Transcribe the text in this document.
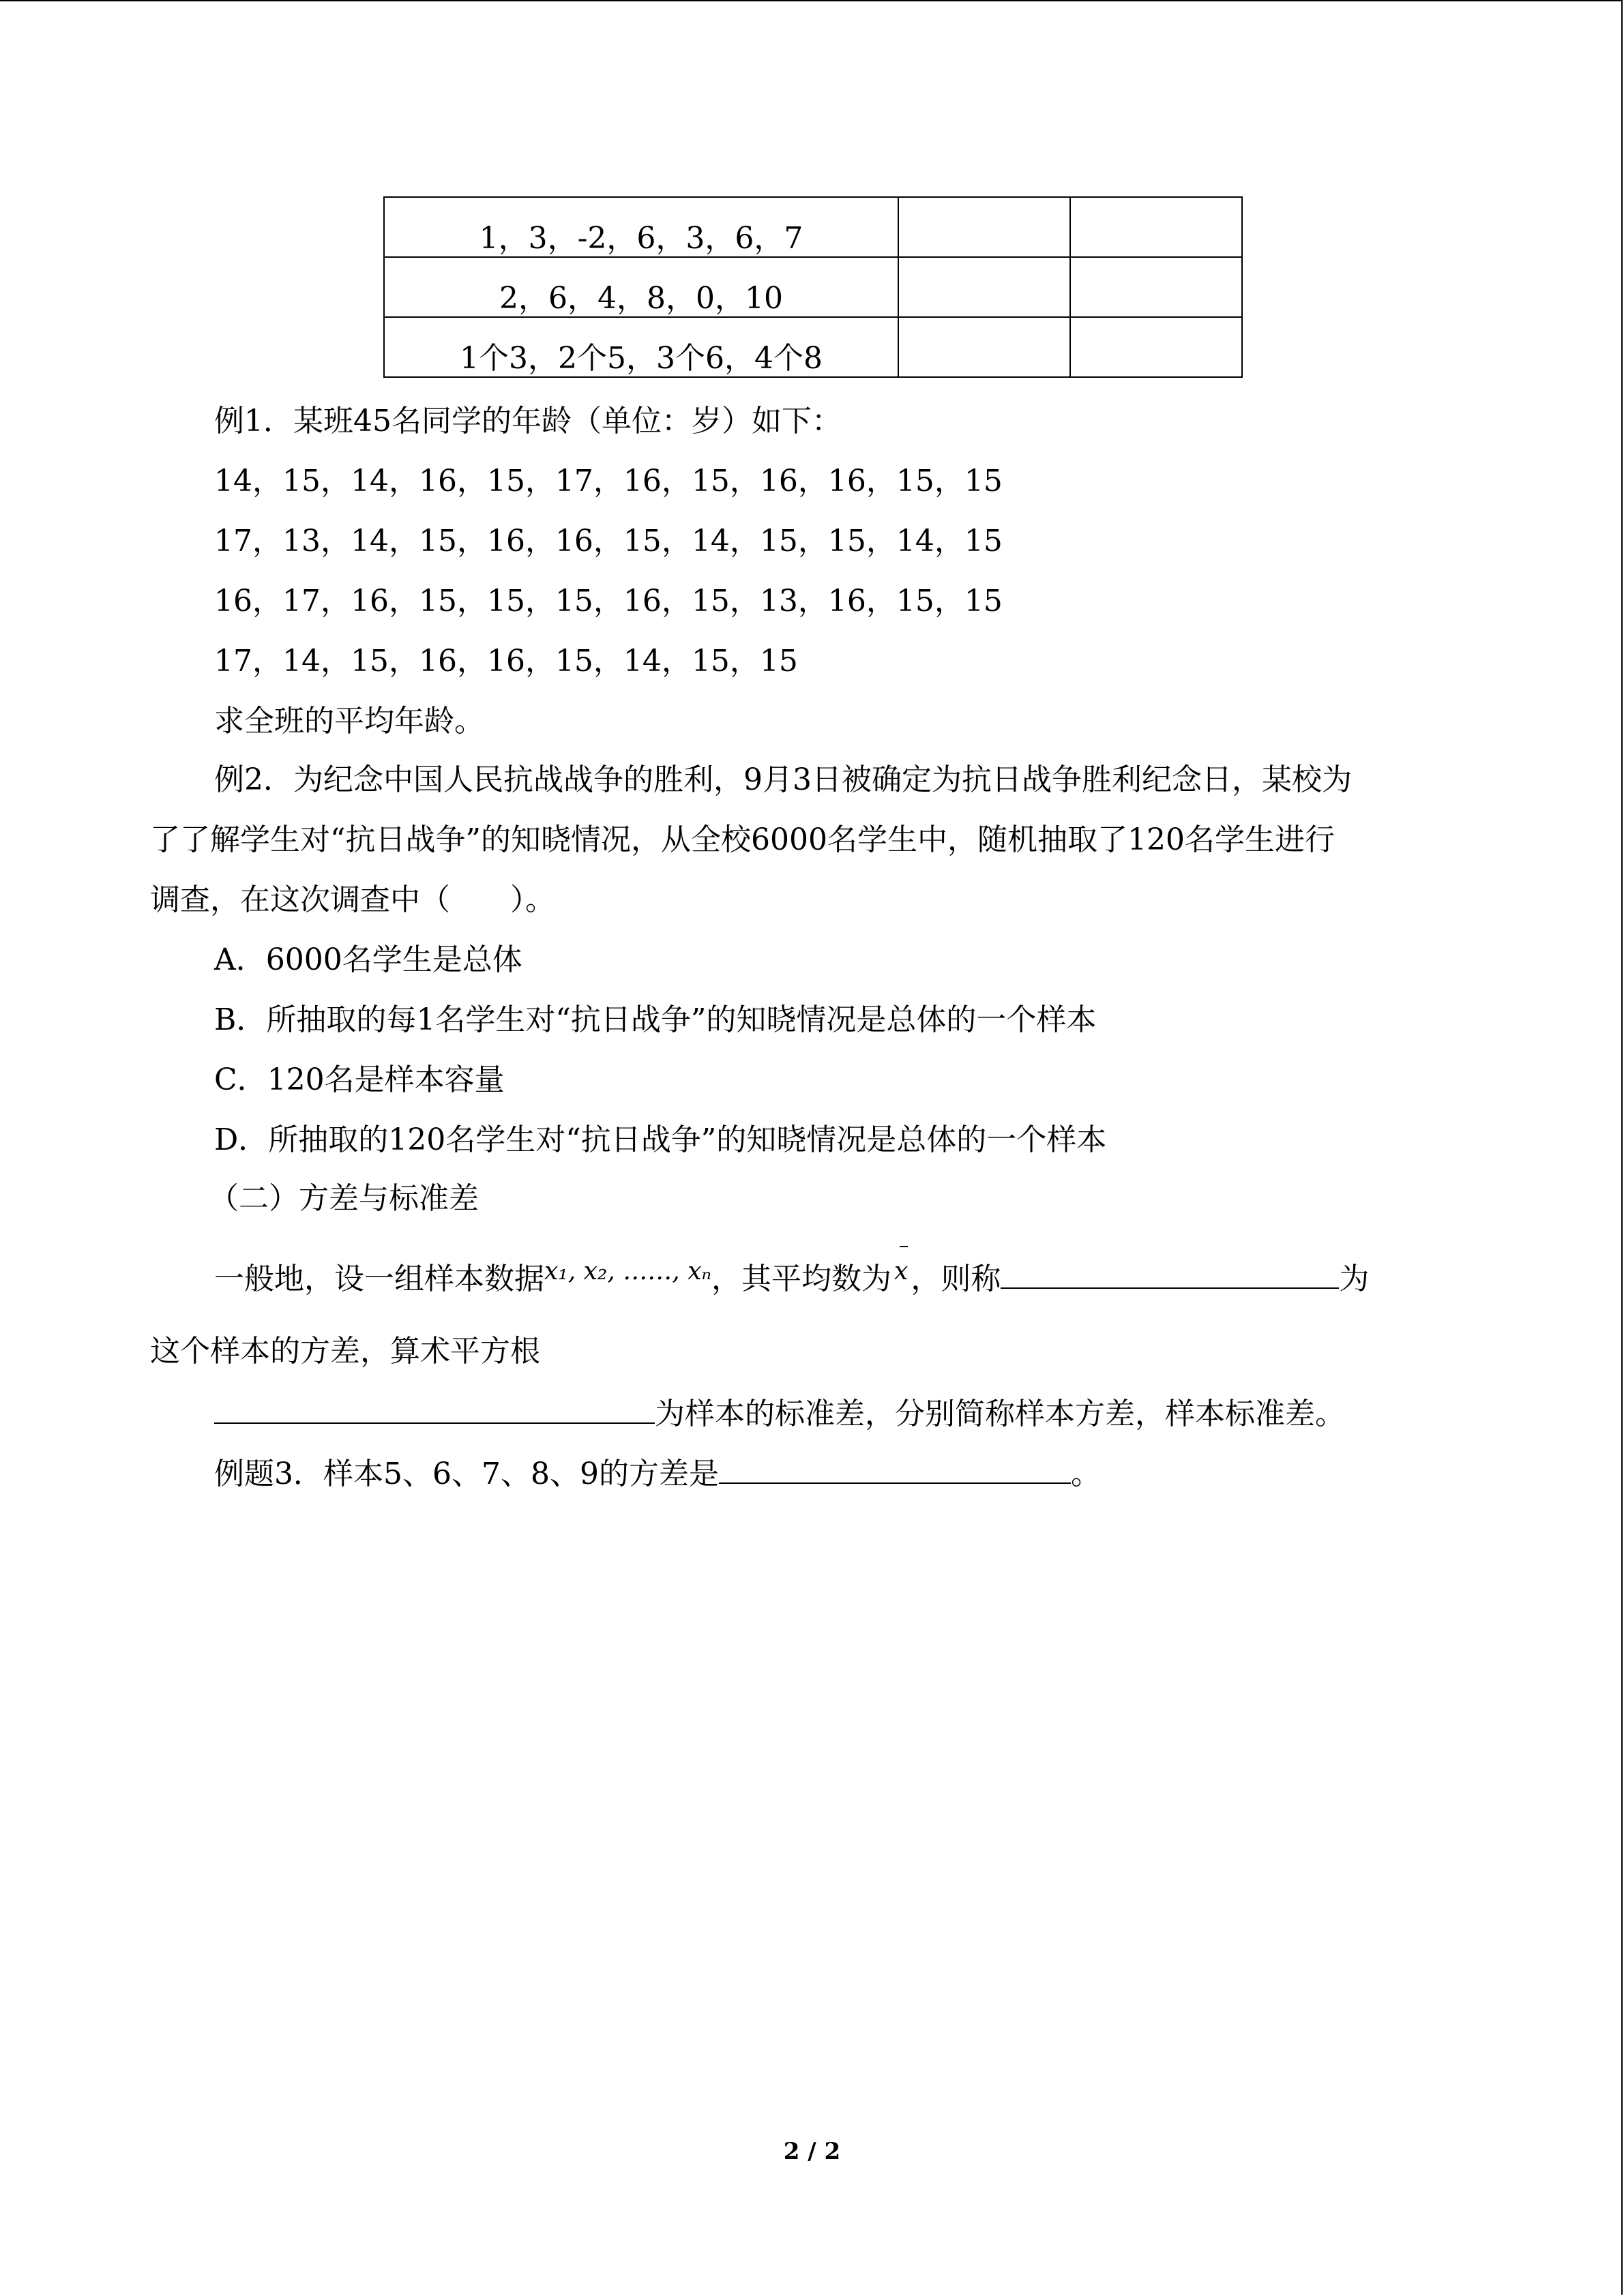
1，3，-2，6，3，6，7		
2，6，4，8，0，10		
1个3，2个5，3个6，4个8		
例1．某班45名同学的年龄（单位：岁）如下：
14，15，14，16，15，17，16，15，16，16，15，15
17，13，14，15，16，16，15，14，15，15，14，15
16，17，16，15，15，15，16，15，13，16，15，15
17，14，15，16，16，15，14，15，15
求全班的平均年龄。
例2．为纪念中国人民抗战战争的胜利，9月3日被确定为抗日战争胜利纪念日，某校为
了了解学生对“抗日战争”的知晓情况，从全校6000名学生中，随机抽取了120名学生进行
调查，在这次调查中（　　）。
A．6000名学生是总体
B．所抽取的每1名学生对“抗日战争”的知晓情况是总体的一个样本
C．120名是样本容量
D．所抽取的120名学生对“抗日战争”的知晓情况是总体的一个样本
（二）方差与标准差
一般地，设一组样本数据$^{x_1, x_2, \dots\dots, x_n}$，其平均数为 x，则称	为
这个样本的方差，算术平方根
为样本的标准差，分别简称样本方差，样本标准差。
例题3．样本5、6、7、8、9的方差是	。
2 / 2
